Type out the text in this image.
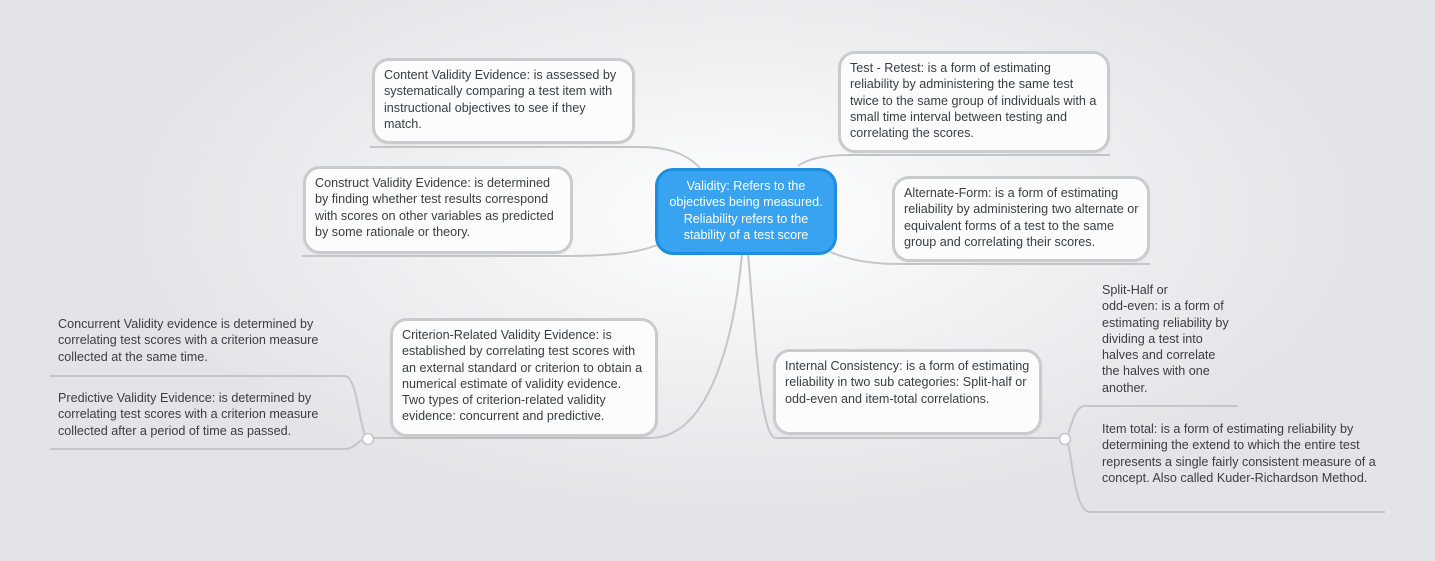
Validity: Refers to the objectives being measured. Reliability refers to the stability of a test score
Content Validity Evidence: is assessed by systematically comparing a test item with instructional objectives to see if they match.
Construct Validity Evidence: is determined by finding whether test results correspond with scores on other variables as predicted by some rationale or theory.
Criterion-Related Validity Evidence: is established by correlating test scores with an external standard or criterion to obtain a numerical estimate of validity evidence. Two types of criterion-related validity evidence: concurrent and predictive.
Concurrent Validity evidence is determined by correlating test scores with a criterion measure collected at the same time.
Predictive Validity Evidence: is determined by correlating test scores with a criterion measure collected after a period of time as passed.
Test - Retest: is a form of estimating reliability by administering the same test twice to the same group of individuals with a small time interval between testing and correlating the scores.
Alternate-Form: is a form of estimating reliability by administering two alternate or equivalent forms of a test to the same group and correlating their scores.
Internal Consistency: is a form of estimating reliability in two sub categories: Split-half or odd-even and item-total correlations.
Split-Half or
odd-even: is a form of estimating reliability by dividing a test into halves and correlate the halves with one another.
Item total: is a form of estimating reliability by determining the extend to which the entire test represents a single fairly consistent measure of a concept. Also called Kuder-Richardson Method.
